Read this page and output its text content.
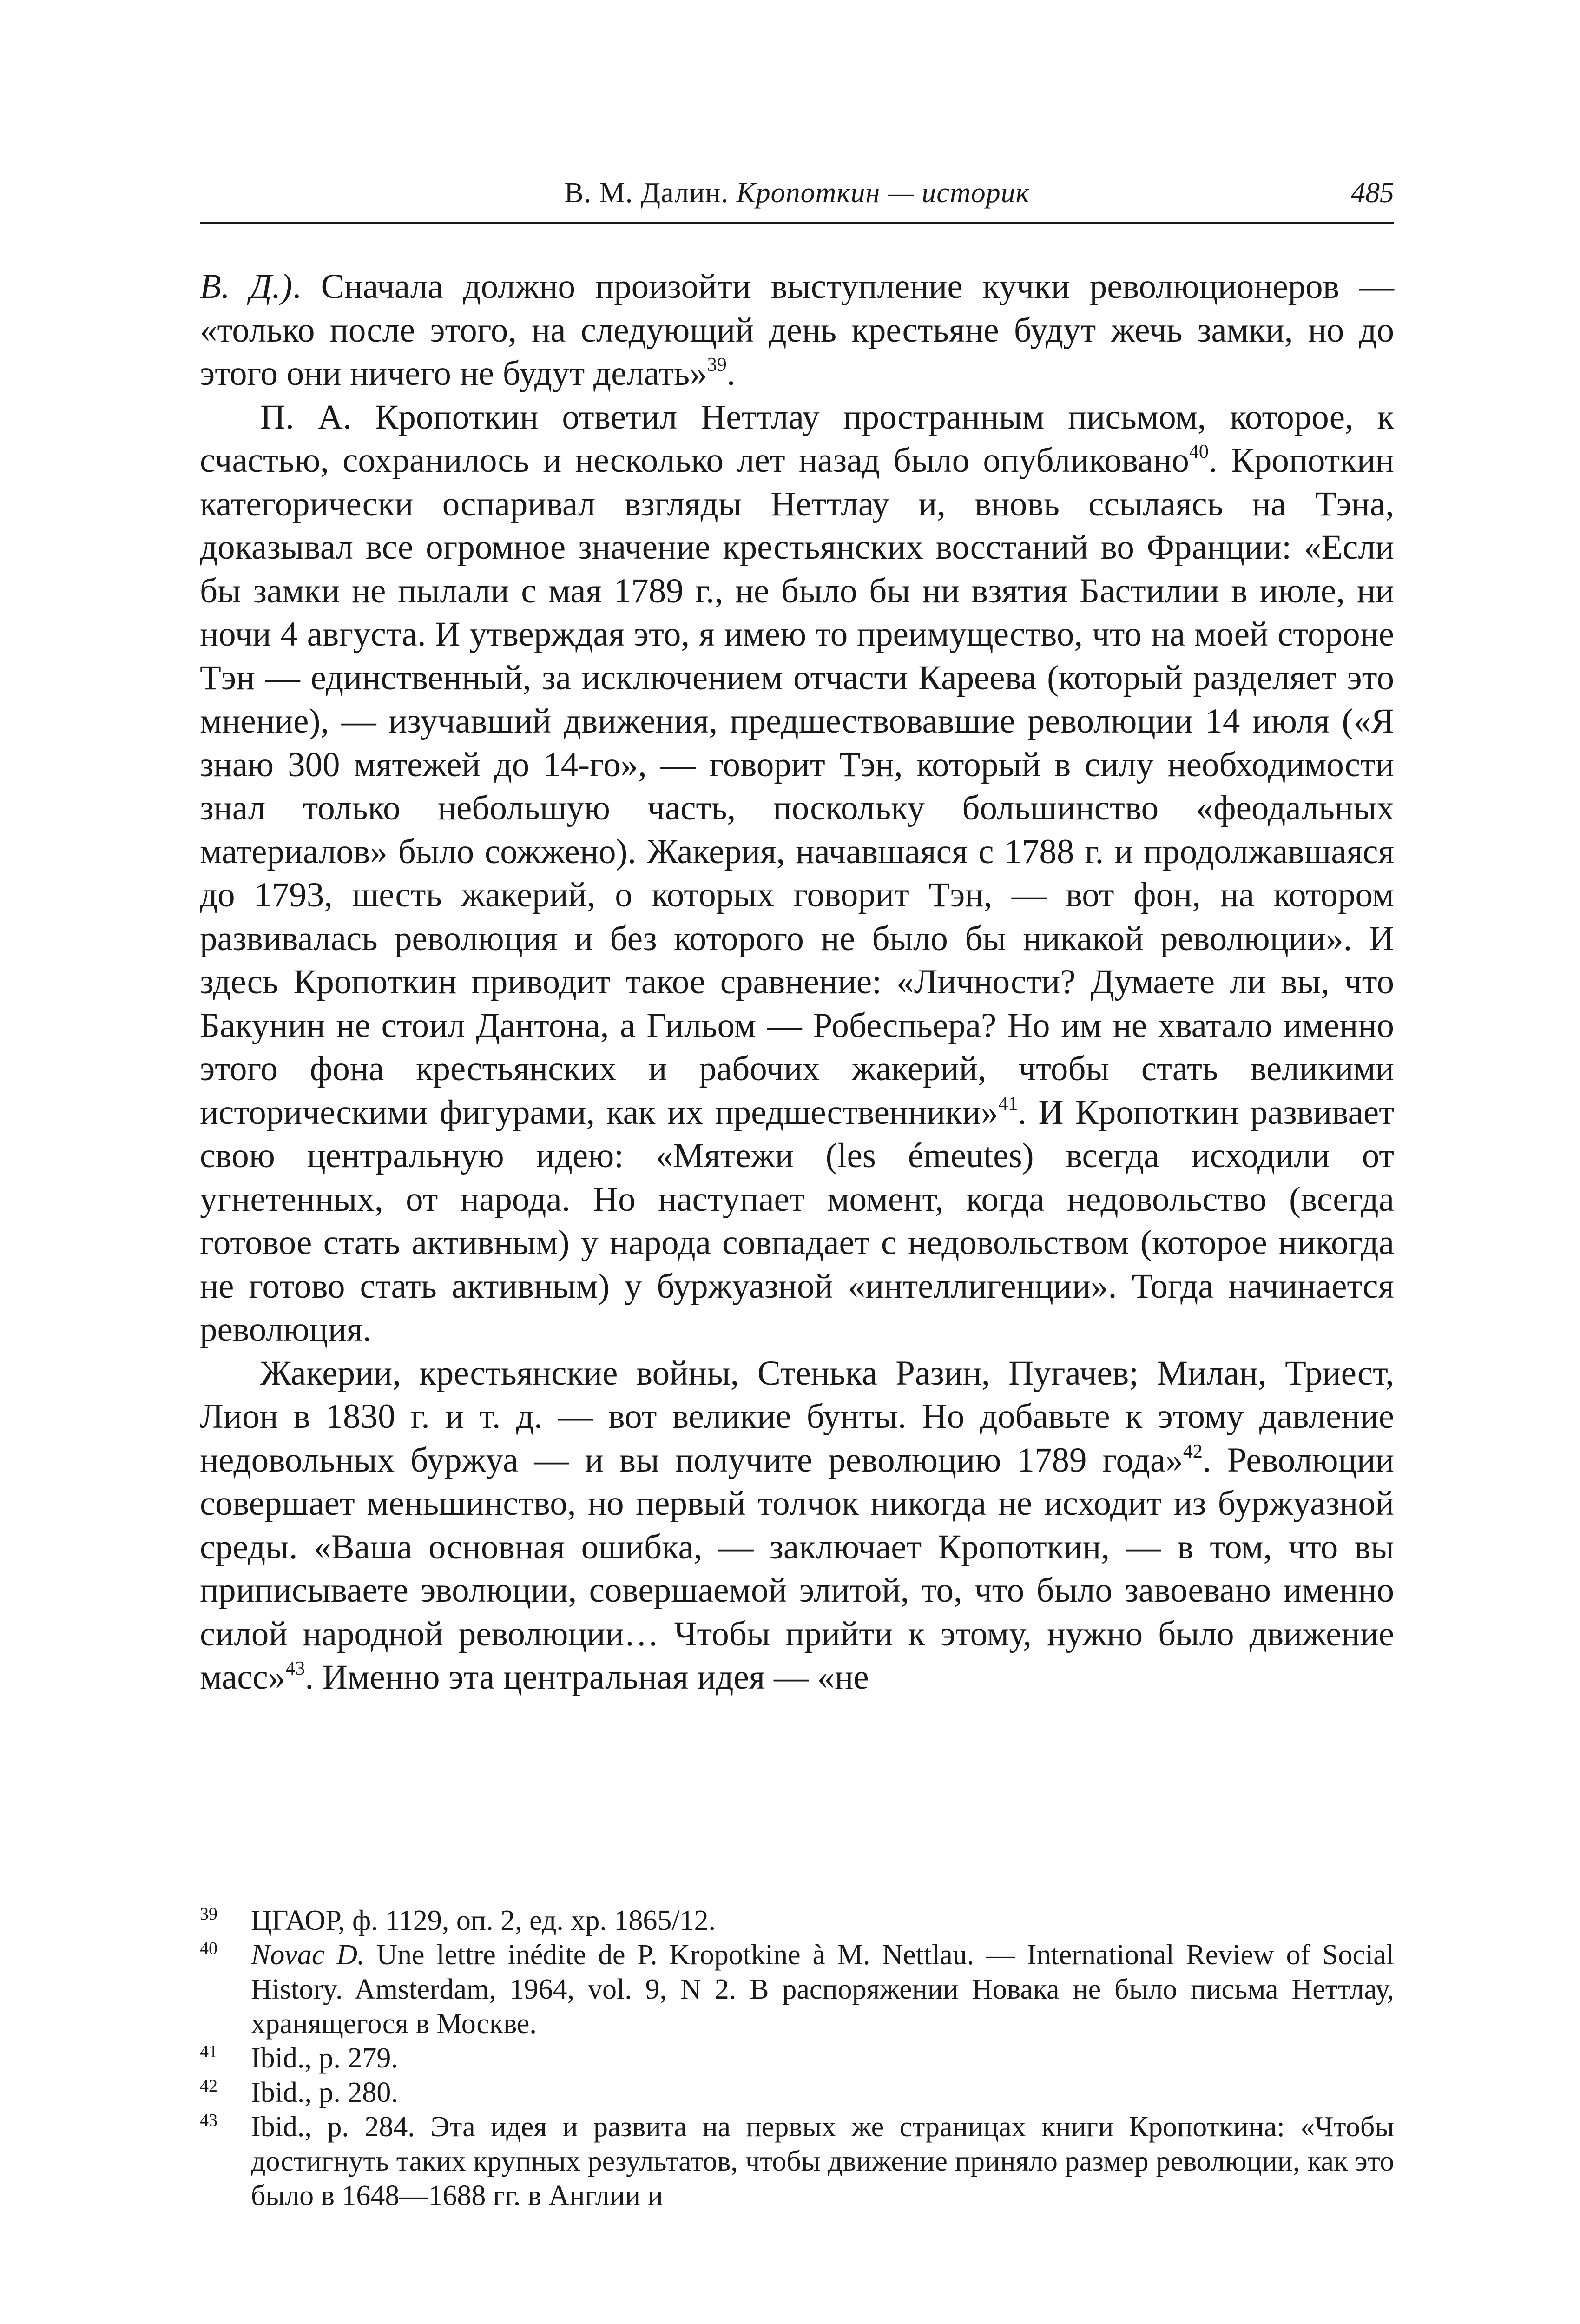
В. М. Далин. Кропоткин — историк	485

В. Д.). Сначала должно произойти выступление кучки революционеров — «только после этого, на следующий день крестьяне будут жечь замки, но до этого они ничего не будут делать»$^{39}$.

П. А. Кропоткин ответил Неттлау пространным письмом, которое, к счастью, сохранилось и несколько лет назад было опубликовано$^{40}$. Кропоткин категорически оспаривал взгляды Неттлау и, вновь ссылаясь на Тэна, доказывал все огромное значение крестьянских восстаний во Франции: «Если бы замки не пылали с мая 1789 г., не было бы ни взятия Бастилии в июле, ни ночи 4 августа. И утверждая это, я имею то преимущество, что на моей стороне Тэн — единственный, за исключением отчасти Кареева (который разделяет это мнение), — изучавший движения, предшествовавшие революции 14 июля («Я знаю 300 мятежей до 14-го», — говорит Тэн, который в силу необходимости знал только небольшую часть, поскольку большинство «феодальных материалов» было сожжено). Жакерия, начавшаяся с 1788 г. и продолжавшаяся до 1793, шесть жакерий, о которых говорит Тэн, — вот фон, на котором развивалась революция и без которого не было бы никакой революции». И здесь Кропоткин приводит такое сравнение: «Личности? Думаете ли вы, что Бакунин не стоил Дантона, а Гильом — Робеспьера? Но им не хватало именно этого фона крестьянских и рабочих жакерий, чтобы стать великими историческими фигурами, как их предшественники»$^{41}$. И Кропоткин развивает свою центральную идею: «Мятежи (les émeutes) всегда исходили от угнетенных, от народа. Но наступает момент, когда недовольство (всегда готовое стать активным) у народа совпадает с недовольством (которое никогда не готово стать активным) у буржуазной «интеллигенции». Тогда начинается революция.

Жакерии, крестьянские войны, Стенька Разин, Пугачев; Милан, Триест, Лион в 1830 г. и т. д. — вот великие бунты. Но добавьте к этому давление недовольных буржуа — и вы получите революцию 1789 года»$^{42}$. Революции совершает меньшинство, но первый толчок никогда не исходит из буржуазной среды. «Ваша основная ошибка, — заключает Кропоткин, — в том, что вы приписываете эволюции, совершаемой элитой, то, что было завоевано именно силой народной революции… Чтобы прийти к этому, нужно было движение масс»$^{43}$. Именно эта центральная идея — «не

39 ЦГАОР, ф. 1129, оп. 2, ед. хр. 1865/12.
40 Novac D. Une lettre inédite de P. Kropotkine à M. Nettlau. — International Review of Social History. Amsterdam, 1964, vol. 9, N 2. В распоряжении Новака не было письма Неттлау, хранящегося в Москве.
41 Ibid., p. 279.
42 Ibid., p. 280.
43 Ibid., p. 284. Эта идея и развита на первых же страницах книги Кропоткина: «Чтобы достигнуть таких крупных результатов, чтобы движение приняло размер революции, как это было в 1648—1688 гг. в Англии и
